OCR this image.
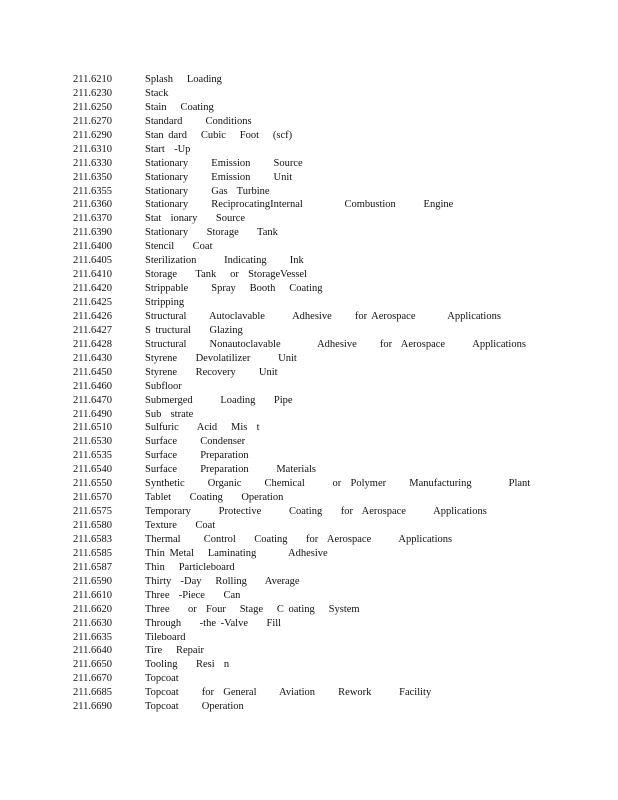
211.6210	Splash   Loading
211.6230	Stack
211.6250	Stain   Coating
211.6270	Standard     Conditions
211.6290	Stan dard   Cubic   Foot   (scf)
211.6310	Start  -Up
211.6330	Stationary     Emission     Source
211.6350	Stationary     Emission     Unit
211.6355	Stationary     Gas  Turbine
211.6360	Stationary     ReciprocatingInternal         Combustion      Engine
211.6370	Stat  ionary    Source
211.6390	Stationary    Storage    Tank
211.6400	Stencil    Coat
211.6405	Sterilization      Indicating     Ink
211.6410	Storage    Tank   or  StorageVessel
211.6420	Strippable     Spray   Booth   Coating
211.6425	Stripping
211.6426	Structural     Autoclavable      Adhesive     for Aerospace       Applications
211.6427	S tructural    Glazing
211.6428	Structural     Nonautoclavable        Adhesive     for  Aerospace      Applications
211.6430	Styrene    Devolatilizer      Unit
211.6450	Styrene    Recovery     Unit
211.6460	Subfloor
211.6470	Submerged      Loading    Pipe
211.6490	Sub  strate
211.6510	Sulfuric    Acid   Mis  t
211.6530	Surface     Condenser
211.6535	Surface     Preparation
211.6540	Surface     Preparation      Materials
211.6550	Synthetic     Organic     Chemical      or  Polymer     Manufacturing        Plant
211.6570	Tablet    Coating    Operation
211.6575	Temporary      Protective      Coating    for  Aerospace      Applications
211.6580	Texture    Coat
211.6583	Thermal     Control    Coating    for  Aerospace      Applications
211.6585	Thin Metal   Laminating       Adhesive
211.6587	Thin   Particleboard
211.6590	Thirty  -Day   Rolling    Average
211.6610	Three  -Piece    Can
211.6620	Three    or  Four   Stage   C oating   System
211.6630	Through    -the -Valve    Fill
211.6635	Tileboard
211.6640	Tire   Repair
211.6650	Tooling    Resi  n
211.6670	Topcoat
211.6685	Topcoat     for  General     Aviation     Rework      Facility
211.6690	Topcoat     Operation
